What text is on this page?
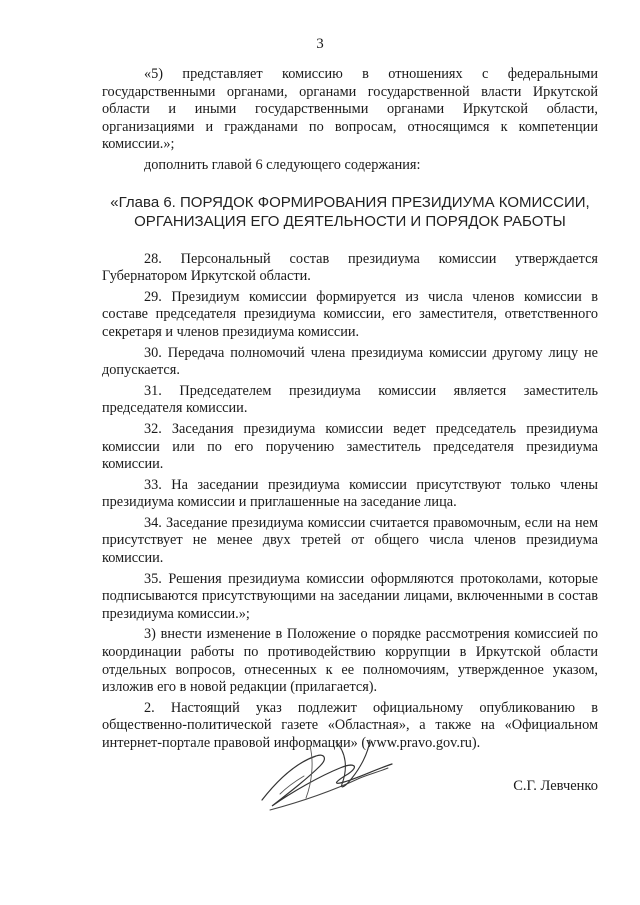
3

«5) представляет комиссию в отношениях с федеральными государственными органами, органами государственной власти Иркутской области и иными государственными органами Иркутской области, организациями и гражданами по вопросам, относящимся к компетенции комиссии.»;

дополнить главой 6 следующего содержания:

«Глава 6. ПОРЯДОК ФОРМИРОВАНИЯ ПРЕЗИДИУМА КОМИССИИ,
ОРГАНИЗАЦИЯ ЕГО ДЕЯТЕЛЬНОСТИ И ПОРЯДОК РАБОТЫ

28. Персональный состав президиума комиссии утверждается Губернатором Иркутской области.

29. Президиум комиссии формируется из числа членов комиссии в составе председателя президиума комиссии, его заместителя, ответственного секретаря и членов президиума комиссии.

30. Передача полномочий члена президиума комиссии другому лицу не допускается.

31. Председателем президиума комиссии является заместитель председателя комиссии.

32. Заседания президиума комиссии ведет председатель президиума комиссии или по его поручению заместитель председателя президиума комиссии.

33. На заседании президиума комиссии присутствуют только члены президиума комиссии и приглашенные на заседание лица.

34. Заседание президиума комиссии считается правомочным, если на нем присутствует не менее двух третей от общего числа членов президиума комиссии.

35. Решения президиума комиссии оформляются протоколами, которые подписываются присутствующими на заседании лицами, включенными в состав президиума комиссии.»;

3) внести изменение в Положение о порядке рассмотрения комиссией по координации работы по противодействию коррупции в Иркутской области отдельных вопросов, отнесенных к ее полномочиям, утвержденное указом, изложив его в новой редакции (прилагается).

2. Настоящий указ подлежит официальному опубликованию в общественно-политической газете «Областная», а также на «Официальном интернет-портале правовой информации» (www.pravo.gov.ru).

С.Г. Левченко
